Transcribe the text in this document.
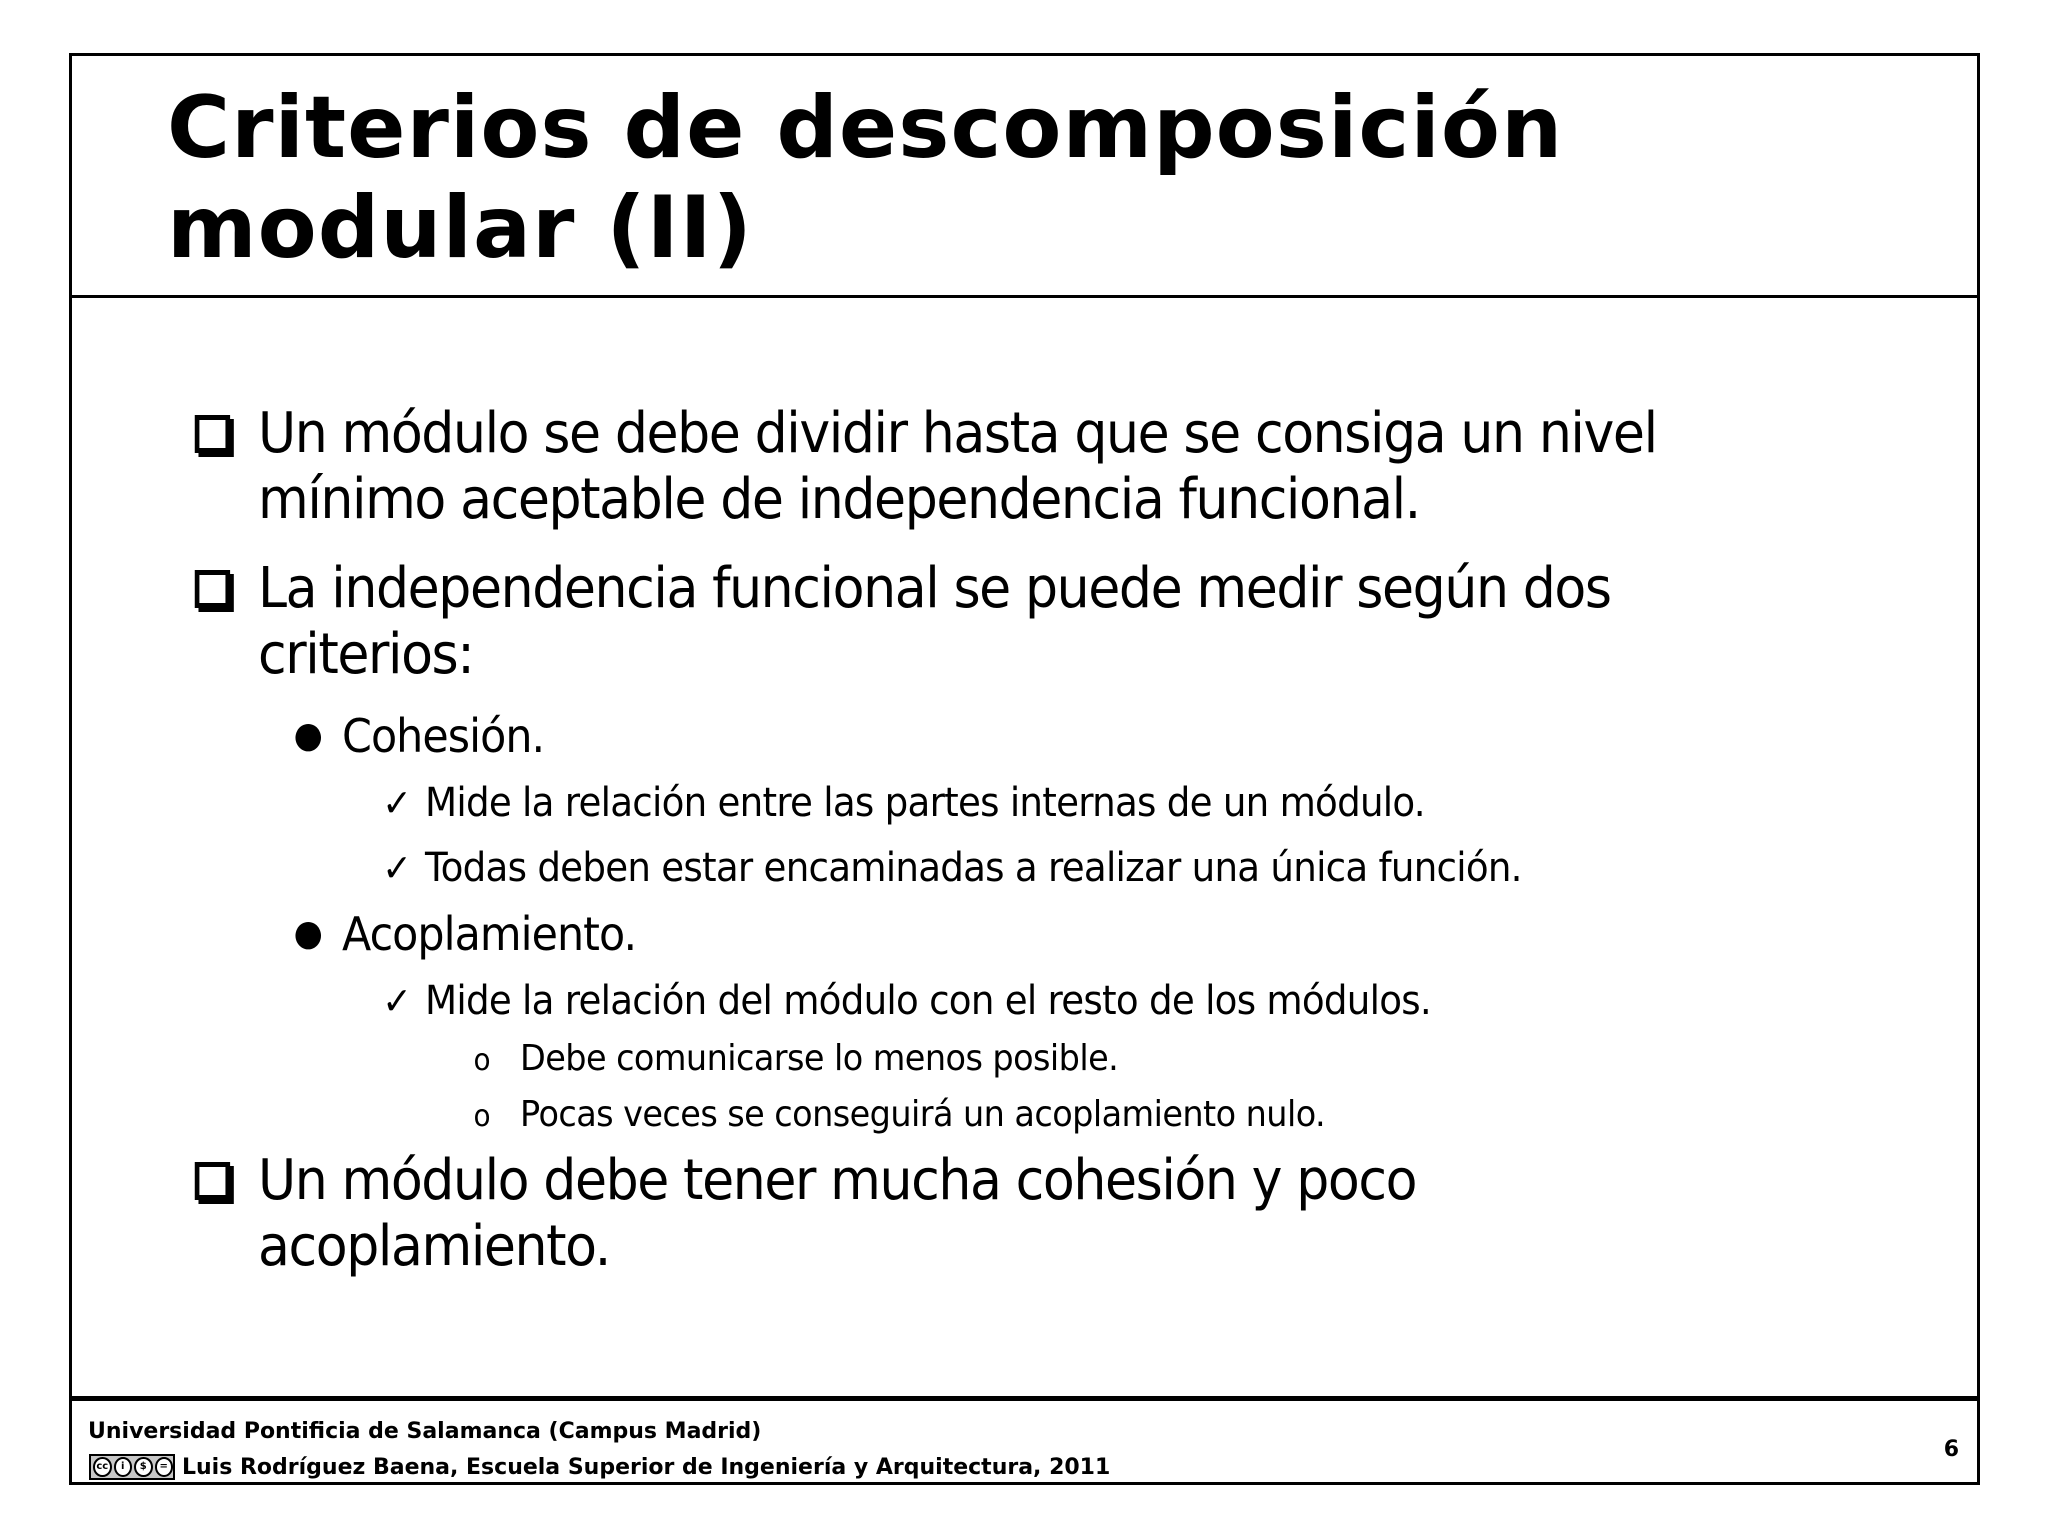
Criterios de descomposición modular (II)
Un módulo se debe dividir hasta que se consiga un nivel
mínimo aceptable de independencia funcional.
La independencia funcional se puede medir según dos
criterios:
● Cohesión.
✓ Mide la relación entre las partes internas de un módulo.
✓ Todas deben estar encaminadas a realizar una única función.
● Acoplamiento.
✓ Mide la relación del módulo con el resto de los módulos.
o Debe comunicarse lo menos posible.
o Pocas veces se conseguirá un acoplamiento nulo.
Un módulo debe tener mucha cohesión y poco
acoplamiento.
Universidad Pontificia de Salamanca (Campus Madrid)
cc	i	$	= Luis Rodríguez Baena, Escuela Superior de Ingeniería y Arquitectura, 2011
6
